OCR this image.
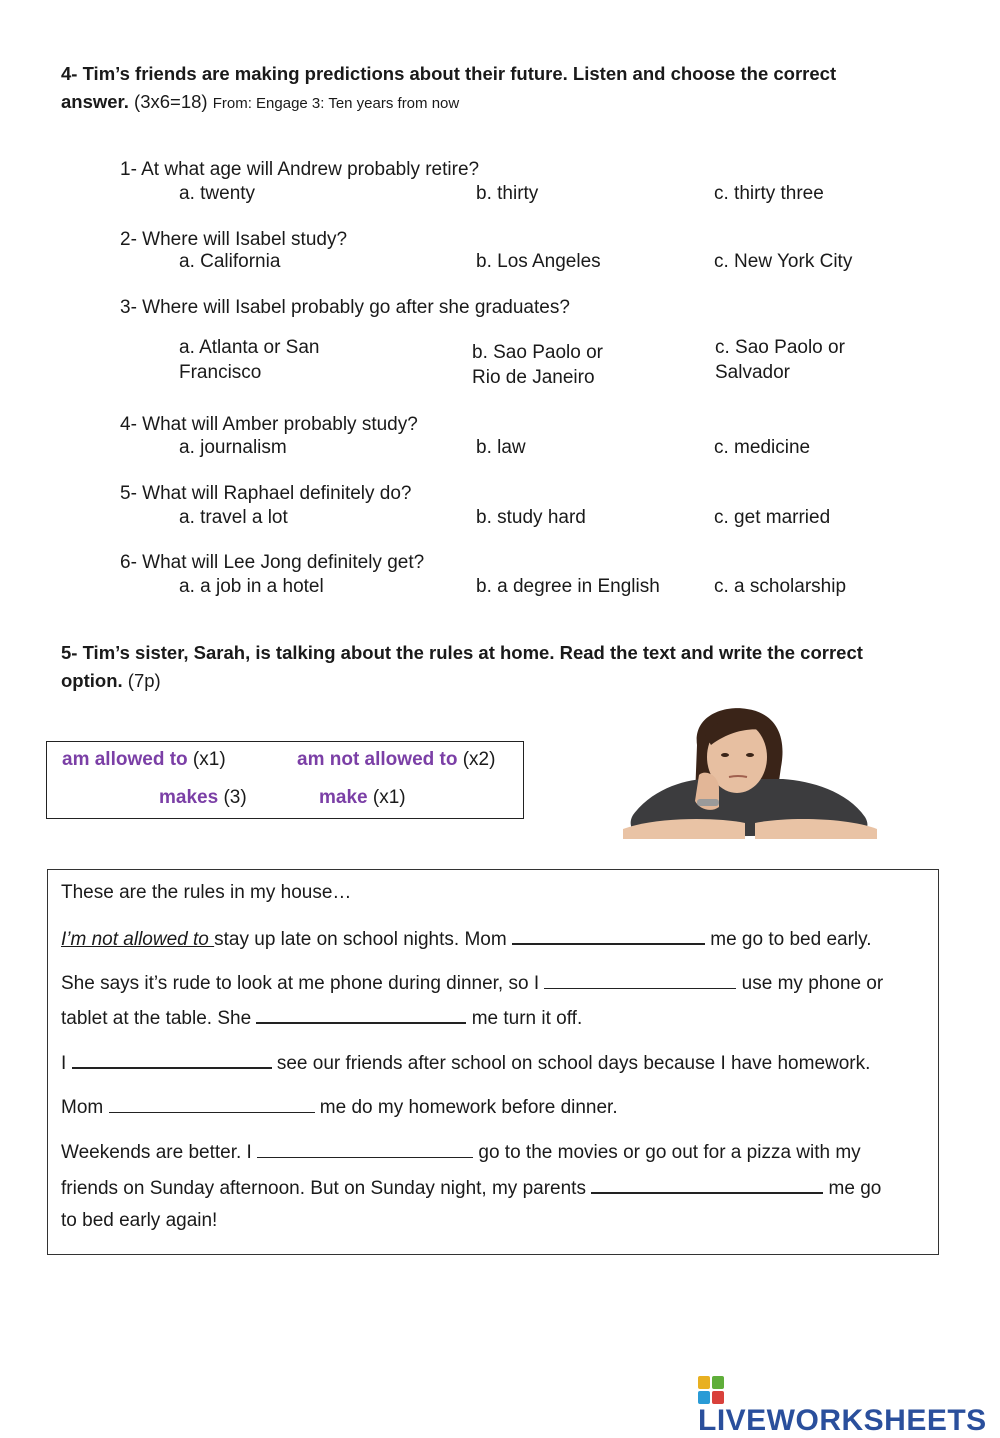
4- Tim’s friends are making predictions about their future. Listen and choose the correct
answer. (3x6=18) From: Engage 3: Ten years from now
1- At what age will Andrew probably retire?
a. twenty	b. thirty	c. thirty three
2- Where will Isabel study?
a. California	b. Los Angeles	c. New York City
3- Where will Isabel probably go after she graduates?
a. Atlanta or San
Francisco
b. Sao Paolo or
Rio de Janeiro
c. Sao Paolo or
Salvador
4- What will Amber probably study?
a. journalism	b. law	c. medicine
5- What will Raphael definitely do?
a. travel a lot	b. study hard	c. get married
6- What will Lee Jong definitely get?
a. a job in a hotel	b. a degree in English	c. a scholarship
5- Tim’s sister, Sarah, is talking about the rules at home. Read the text and write the correct
option. (7p)
am allowed to (x1)	am not allowed to (x2)
makes (3)	make (x1)
These are the rules in my house…
I’m not allowed to stay up late on school nights. Mom	me go to bed early.
She says it’s rude to look at me phone during dinner, so I	use my phone or
tablet at the table. She	me turn it off.
I	see our friends after school on school days because I have homework.
Mom	me do my homework before dinner.
Weekends are better. I	go to the movies or go out for a pizza with my
friends on Sunday afternoon. But on Sunday night, my parents	me go
to bed early again!
LIVEWORKSHEETS
